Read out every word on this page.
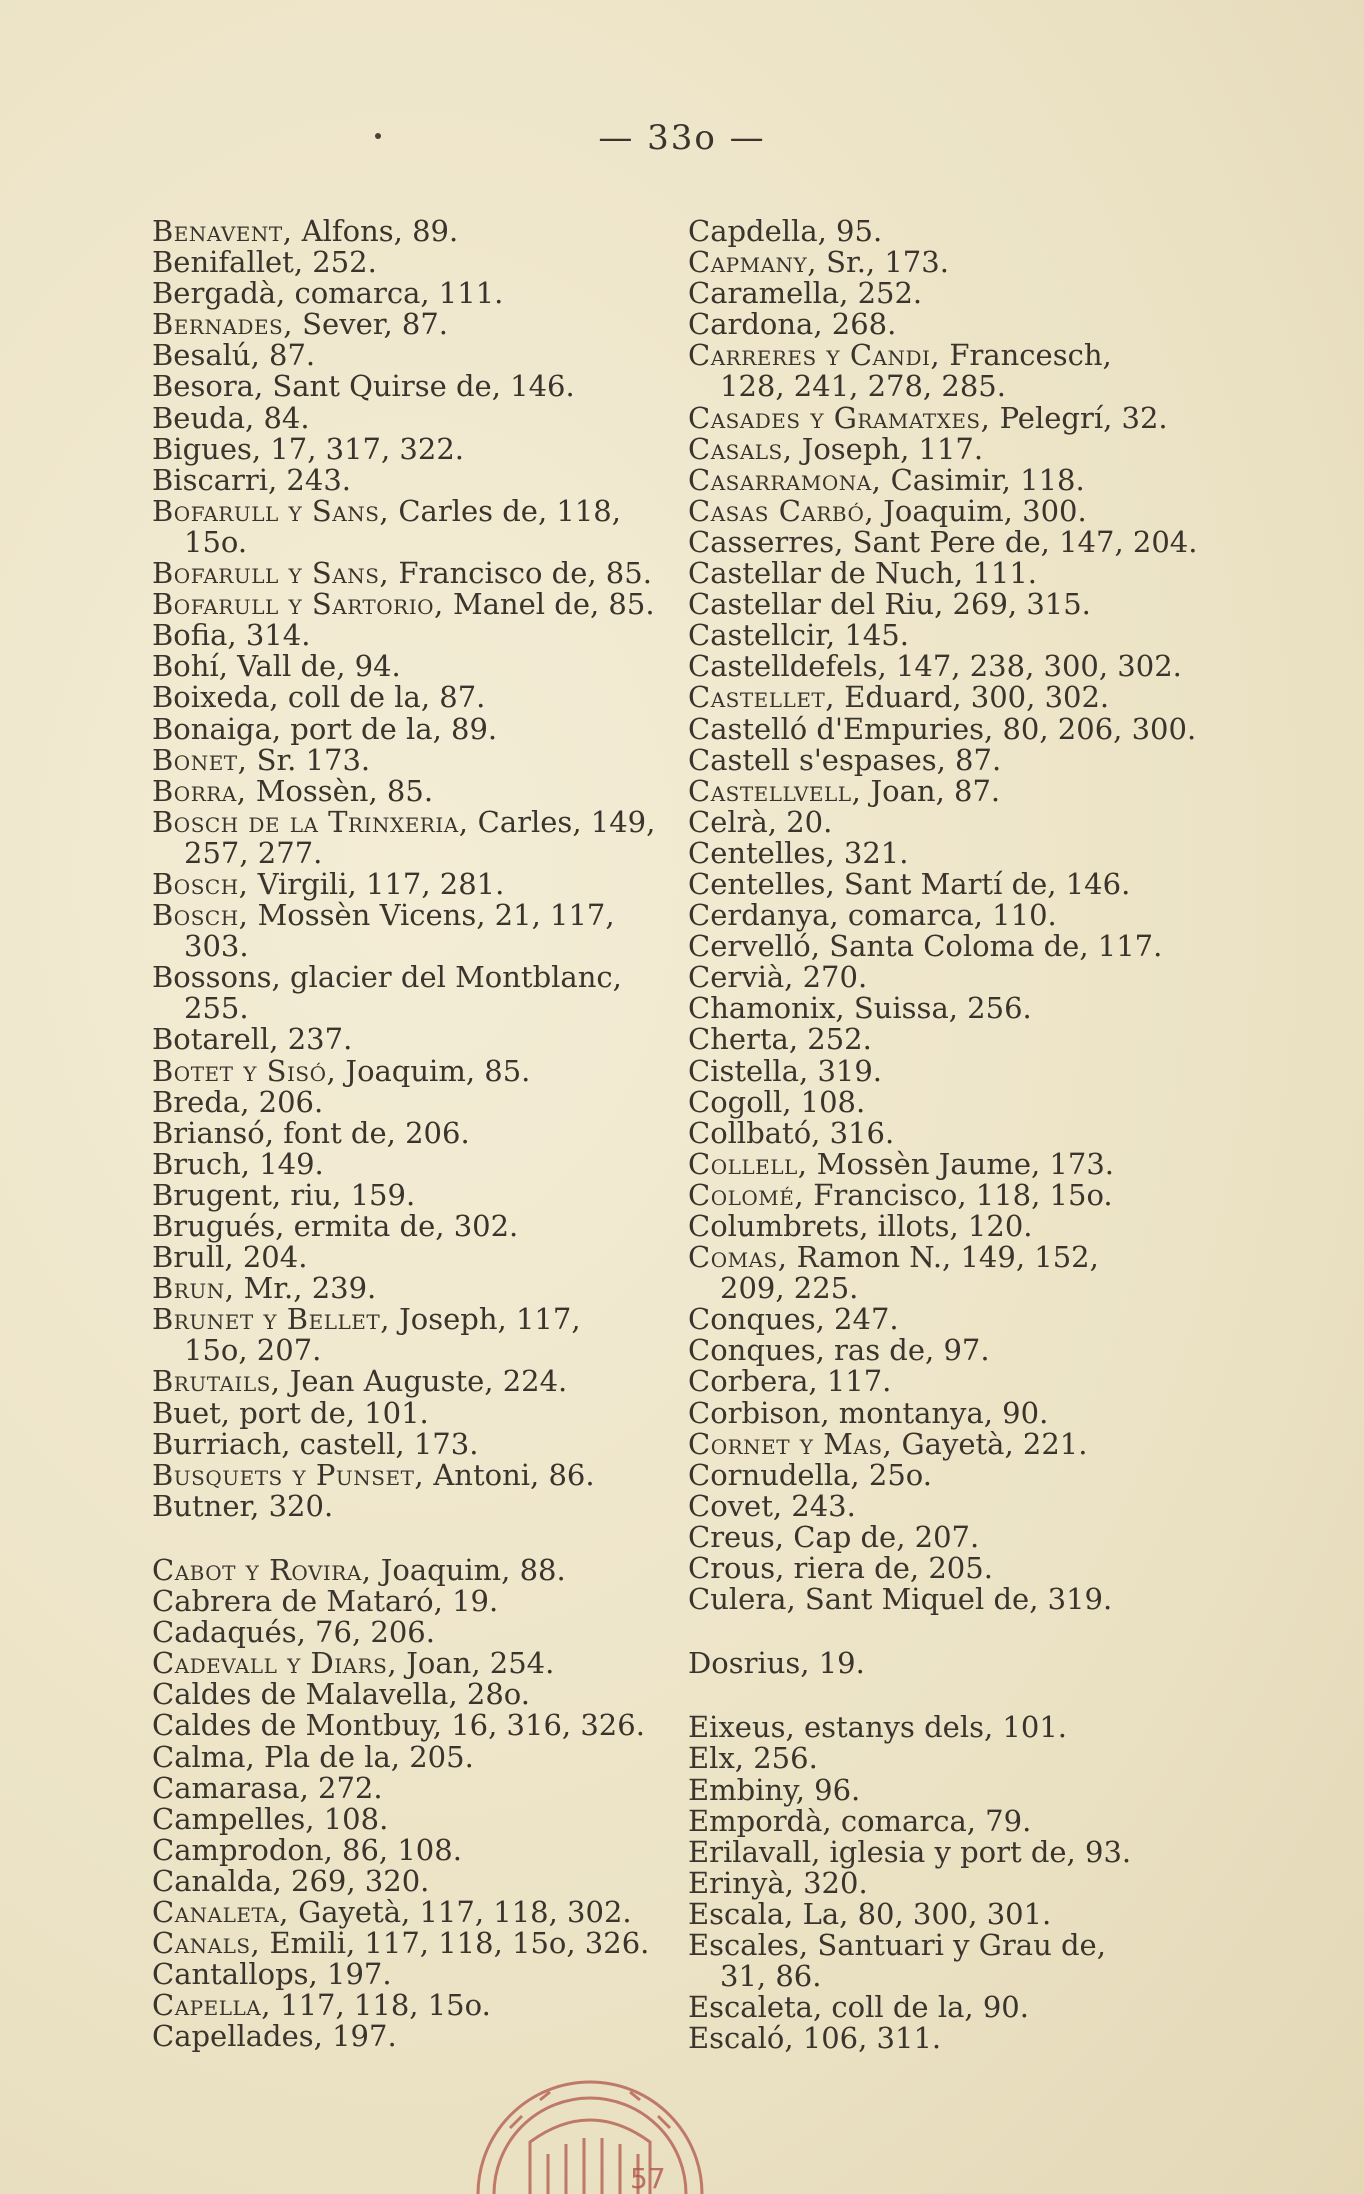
— 33o —
Benavent, Alfons, 89.
Benifallet, 252.
Bergadà, comarca, 111.
Bernades, Sever, 87.
Besalú, 87.
Besora, Sant Quirse de, 146.
Beuda, 84.
Bigues, 17, 317, 322.
Biscarri, 243.
Bofarull y Sans, Carles de, 118,
15o.
Bofarull y Sans, Francisco de, 85.
Bofarull y Sartorio, Manel de, 85.
Bofia, 314.
Bohí, Vall de, 94.
Boixeda, coll de la, 87.
Bonaiga, port de la, 89.
Bonet, Sr. 173.
Borra, Mossèn, 85.
Bosch de la Trinxeria, Carles, 149,
257, 277.
Bosch, Virgili, 117, 281.
Bosch, Mossèn Vicens, 21, 117,
303.
Bossons, glacier del Montblanc,
255.
Botarell, 237.
Botet y Sisó, Joaquim, 85.
Breda, 206.
Briansó, font de, 206.
Bruch, 149.
Brugent, riu, 159.
Brugués, ermita de, 302.
Brull, 204.
Brun, Mr., 239.
Brunet y Bellet, Joseph, 117,
15o, 207.
Brutails, Jean Auguste, 224.
Buet, port de, 101.
Burriach, castell, 173.
Busquets y Punset, Antoni, 86.
Butner, 320.
Cabot y Rovira, Joaquim, 88.
Cabrera de Mataró, 19.
Cadaqués, 76, 206.
Cadevall y Diars, Joan, 254.
Caldes de Malavella, 28o.
Caldes de Montbuy, 16, 316, 326.
Calma, Pla de la, 205.
Camarasa, 272.
Campelles, 108.
Camprodon, 86, 108.
Canalda, 269, 320.
Canaleta, Gayetà, 117, 118, 302.
Canals, Emili, 117, 118, 15o, 326.
Cantallops, 197.
Capella, 117, 118, 15o.
Capellades, 197.
Capdella, 95.
Capmany, Sr., 173.
Caramella, 252.
Cardona, 268.
Carreres y Candi, Francesch,
128, 241, 278, 285.
Casades y Gramatxes, Pelegrí, 32.
Casals, Joseph, 117.
Casarramona, Casimir, 118.
Casas Carbó, Joaquim, 300.
Casserres, Sant Pere de, 147, 204.
Castellar de Nuch, 111.
Castellar del Riu, 269, 315.
Castellcir, 145.
Castelldefels, 147, 238, 300, 302.
Castellet, Eduard, 300, 302.
Castelló d'Empuries, 80, 206, 300.
Castell s'espases, 87.
Castellvell, Joan, 87.
Celrà, 20.
Centelles, 321.
Centelles, Sant Martí de, 146.
Cerdanya, comarca, 110.
Cervelló, Santa Coloma de, 117.
Cervià, 270.
Chamonix, Suissa, 256.
Cherta, 252.
Cistella, 319.
Cogoll, 108.
Collbató, 316.
Collell, Mossèn Jaume, 173.
Colomé, Francisco, 118, 15o.
Columbrets, illots, 120.
Comas, Ramon N., 149, 152,
209, 225.
Conques, 247.
Conques, ras de, 97.
Corbera, 117.
Corbison, montanya, 90.
Cornet y Mas, Gayetà, 221.
Cornudella, 25o.
Covet, 243.
Creus, Cap de, 207.
Crous, riera de, 205.
Culera, Sant Miquel de, 319.
Dosrius, 19.
Eixeus, estanys dels, 101.
Elx, 256.
Embiny, 96.
Empordà, comarca, 79.
Erilavall, iglesia y port de, 93.
Erinyà, 320.
Escala, La, 80, 300, 301.
Escales, Santuari y Grau de,
31, 86.
Escaleta, coll de la, 90.
Escaló, 106, 311.
57
